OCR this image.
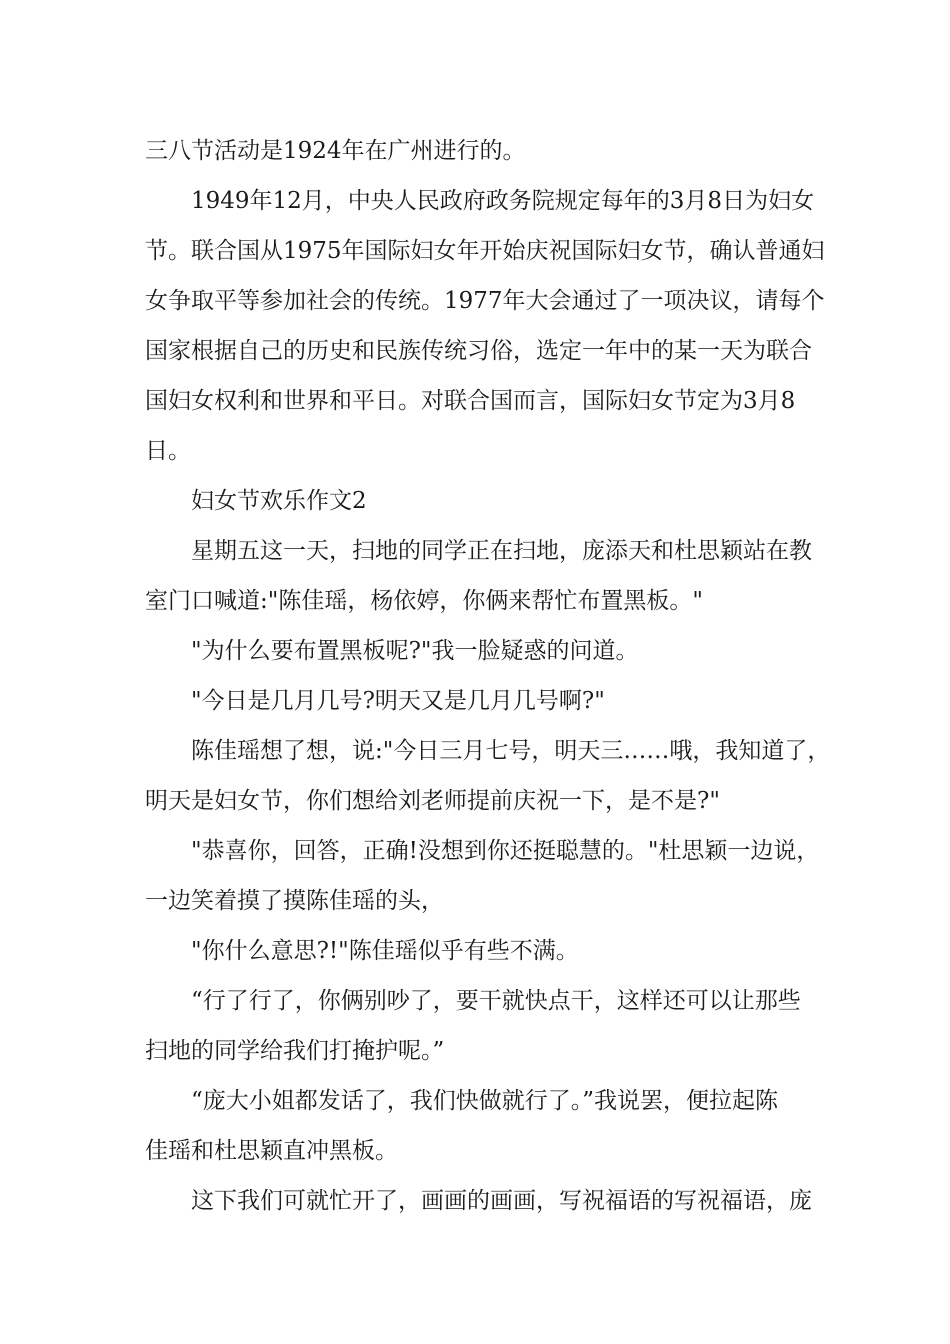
三八节活动是1924年在广州进行的。
1949年12月，中央人民政府政务院规定每年的3月8日为妇女
节。联合国从1975年国际妇女年开始庆祝国际妇女节，确认普通妇
女争取平等参加社会的传统。1977年大会通过了一项决议，请每个
国家根据自己的历史和民族传统习俗，选定一年中的某一天为联合
国妇女权利和世界和平日。对联合国而言，国际妇女节定为3月8
日。
妇女节欢乐作文2
星期五这一天，扫地的同学正在扫地，庞添天和杜思颖站在教
室门口喊道:"陈佳瑶，杨依婷，你俩来帮忙布置黑板。"
"为什么要布置黑板呢?"我一脸疑惑的问道。
"今日是几月几号?明天又是几月几号啊?"
陈佳瑶想了想，说:"今日三月七号，明天三……哦，我知道了，
明天是妇女节，你们想给刘老师提前庆祝一下，是不是?"
"恭喜你，回答，正确!没想到你还挺聪慧的。"杜思颖一边说，
一边笑着摸了摸陈佳瑶的头，
"你什么意思?!"陈佳瑶似乎有些不满。
“行了行了，你俩别吵了，要干就快点干，这样还可以让那些
扫地的同学给我们打掩护呢。”
“庞大小姐都发话了，我们快做就行了。”我说罢，便拉起陈
佳瑶和杜思颖直冲黑板。
这下我们可就忙开了，画画的画画，写祝福语的写祝福语，庞
